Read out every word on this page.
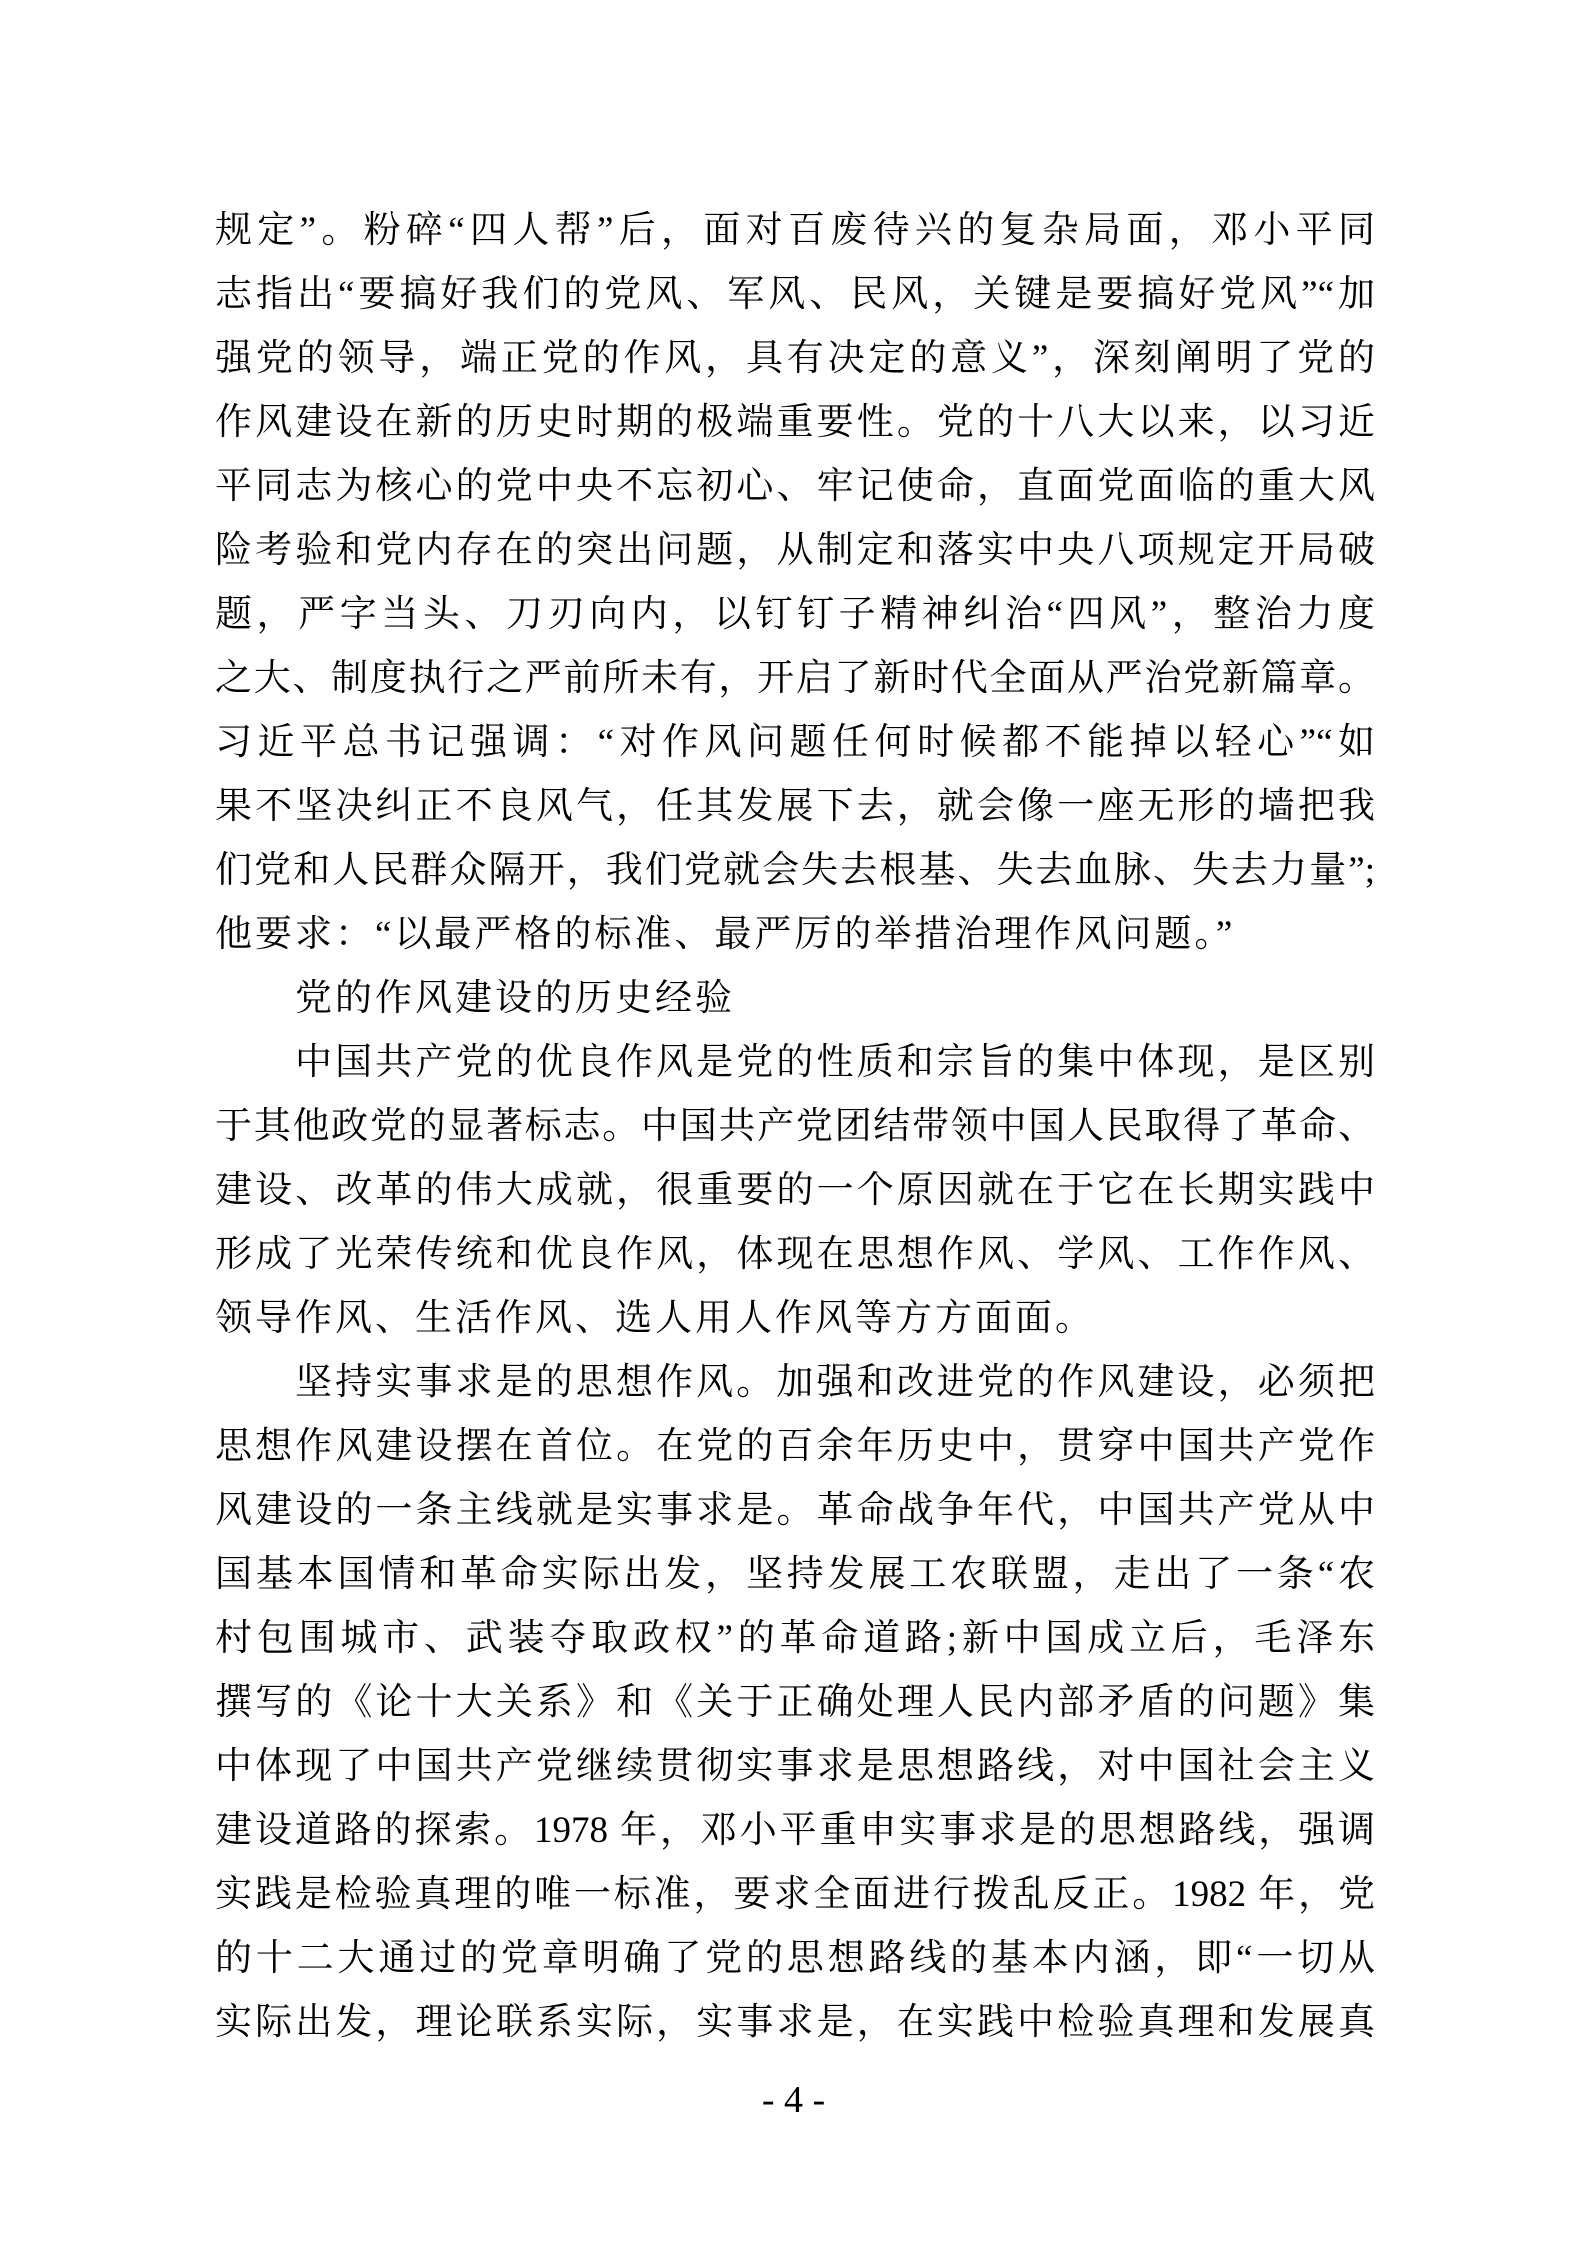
规定”。粉碎“四人帮”后，面对百废待兴的复杂局面，邓小平同
志指出“要搞好我们的党风、军风、民风，关键是要搞好党风”“加
强党的领导，端正党的作风，具有决定的意义”，深刻阐明了党的
作风建设在新的历史时期的极端重要性。党的十八大以来，以习近
平同志为核心的党中央不忘初心、牢记使命，直面党面临的重大风
险考验和党内存在的突出问题，从制定和落实中央八项规定开局破
题，严字当头、刀刃向内，以钉钉子精神纠治“四风”，整治力度
之大、制度执行之严前所未有，开启了新时代全面从严治党新篇章。
习近平总书记强调：“对作风问题任何时候都不能掉以轻心”“如
果不坚决纠正不良风气，任其发展下去，就会像一座无形的墙把我
们党和人民群众隔开，我们党就会失去根基、失去血脉、失去力量”;
他要求：“以最严格的标准、最严厉的举措治理作风问题。”
党的作风建设的历史经验
中国共产党的优良作风是党的性质和宗旨的集中体现，是区别
于其他政党的显著标志。中国共产党团结带领中国人民取得了革命、
建设、改革的伟大成就，很重要的一个原因就在于它在长期实践中
形成了光荣传统和优良作风，体现在思想作风、学风、工作作风、
领导作风、生活作风、选人用人作风等方方面面。
坚持实事求是的思想作风。加强和改进党的作风建设，必须把
思想作风建设摆在首位。在党的百余年历史中，贯穿中国共产党作
风建设的一条主线就是实事求是。革命战争年代，中国共产党从中
国基本国情和革命实际出发，坚持发展工农联盟，走出了一条“农
村包围城市、武装夺取政权”的革命道路;新中国成立后，毛泽东
撰写的《论十大关系》和《关于正确处理人民内部矛盾的问题》集
中体现了中国共产党继续贯彻实事求是思想路线，对中国社会主义
建设道路的探索。1978 年，邓小平重申实事求是的思想路线，强调
实践是检验真理的唯一标准，要求全面进行拨乱反正。1982 年，党
的十二大通过的党章明确了党的思想路线的基本内涵，即“一切从
实际出发，理论联系实际，实事求是，在实践中检验真理和发展真
- 4 -
